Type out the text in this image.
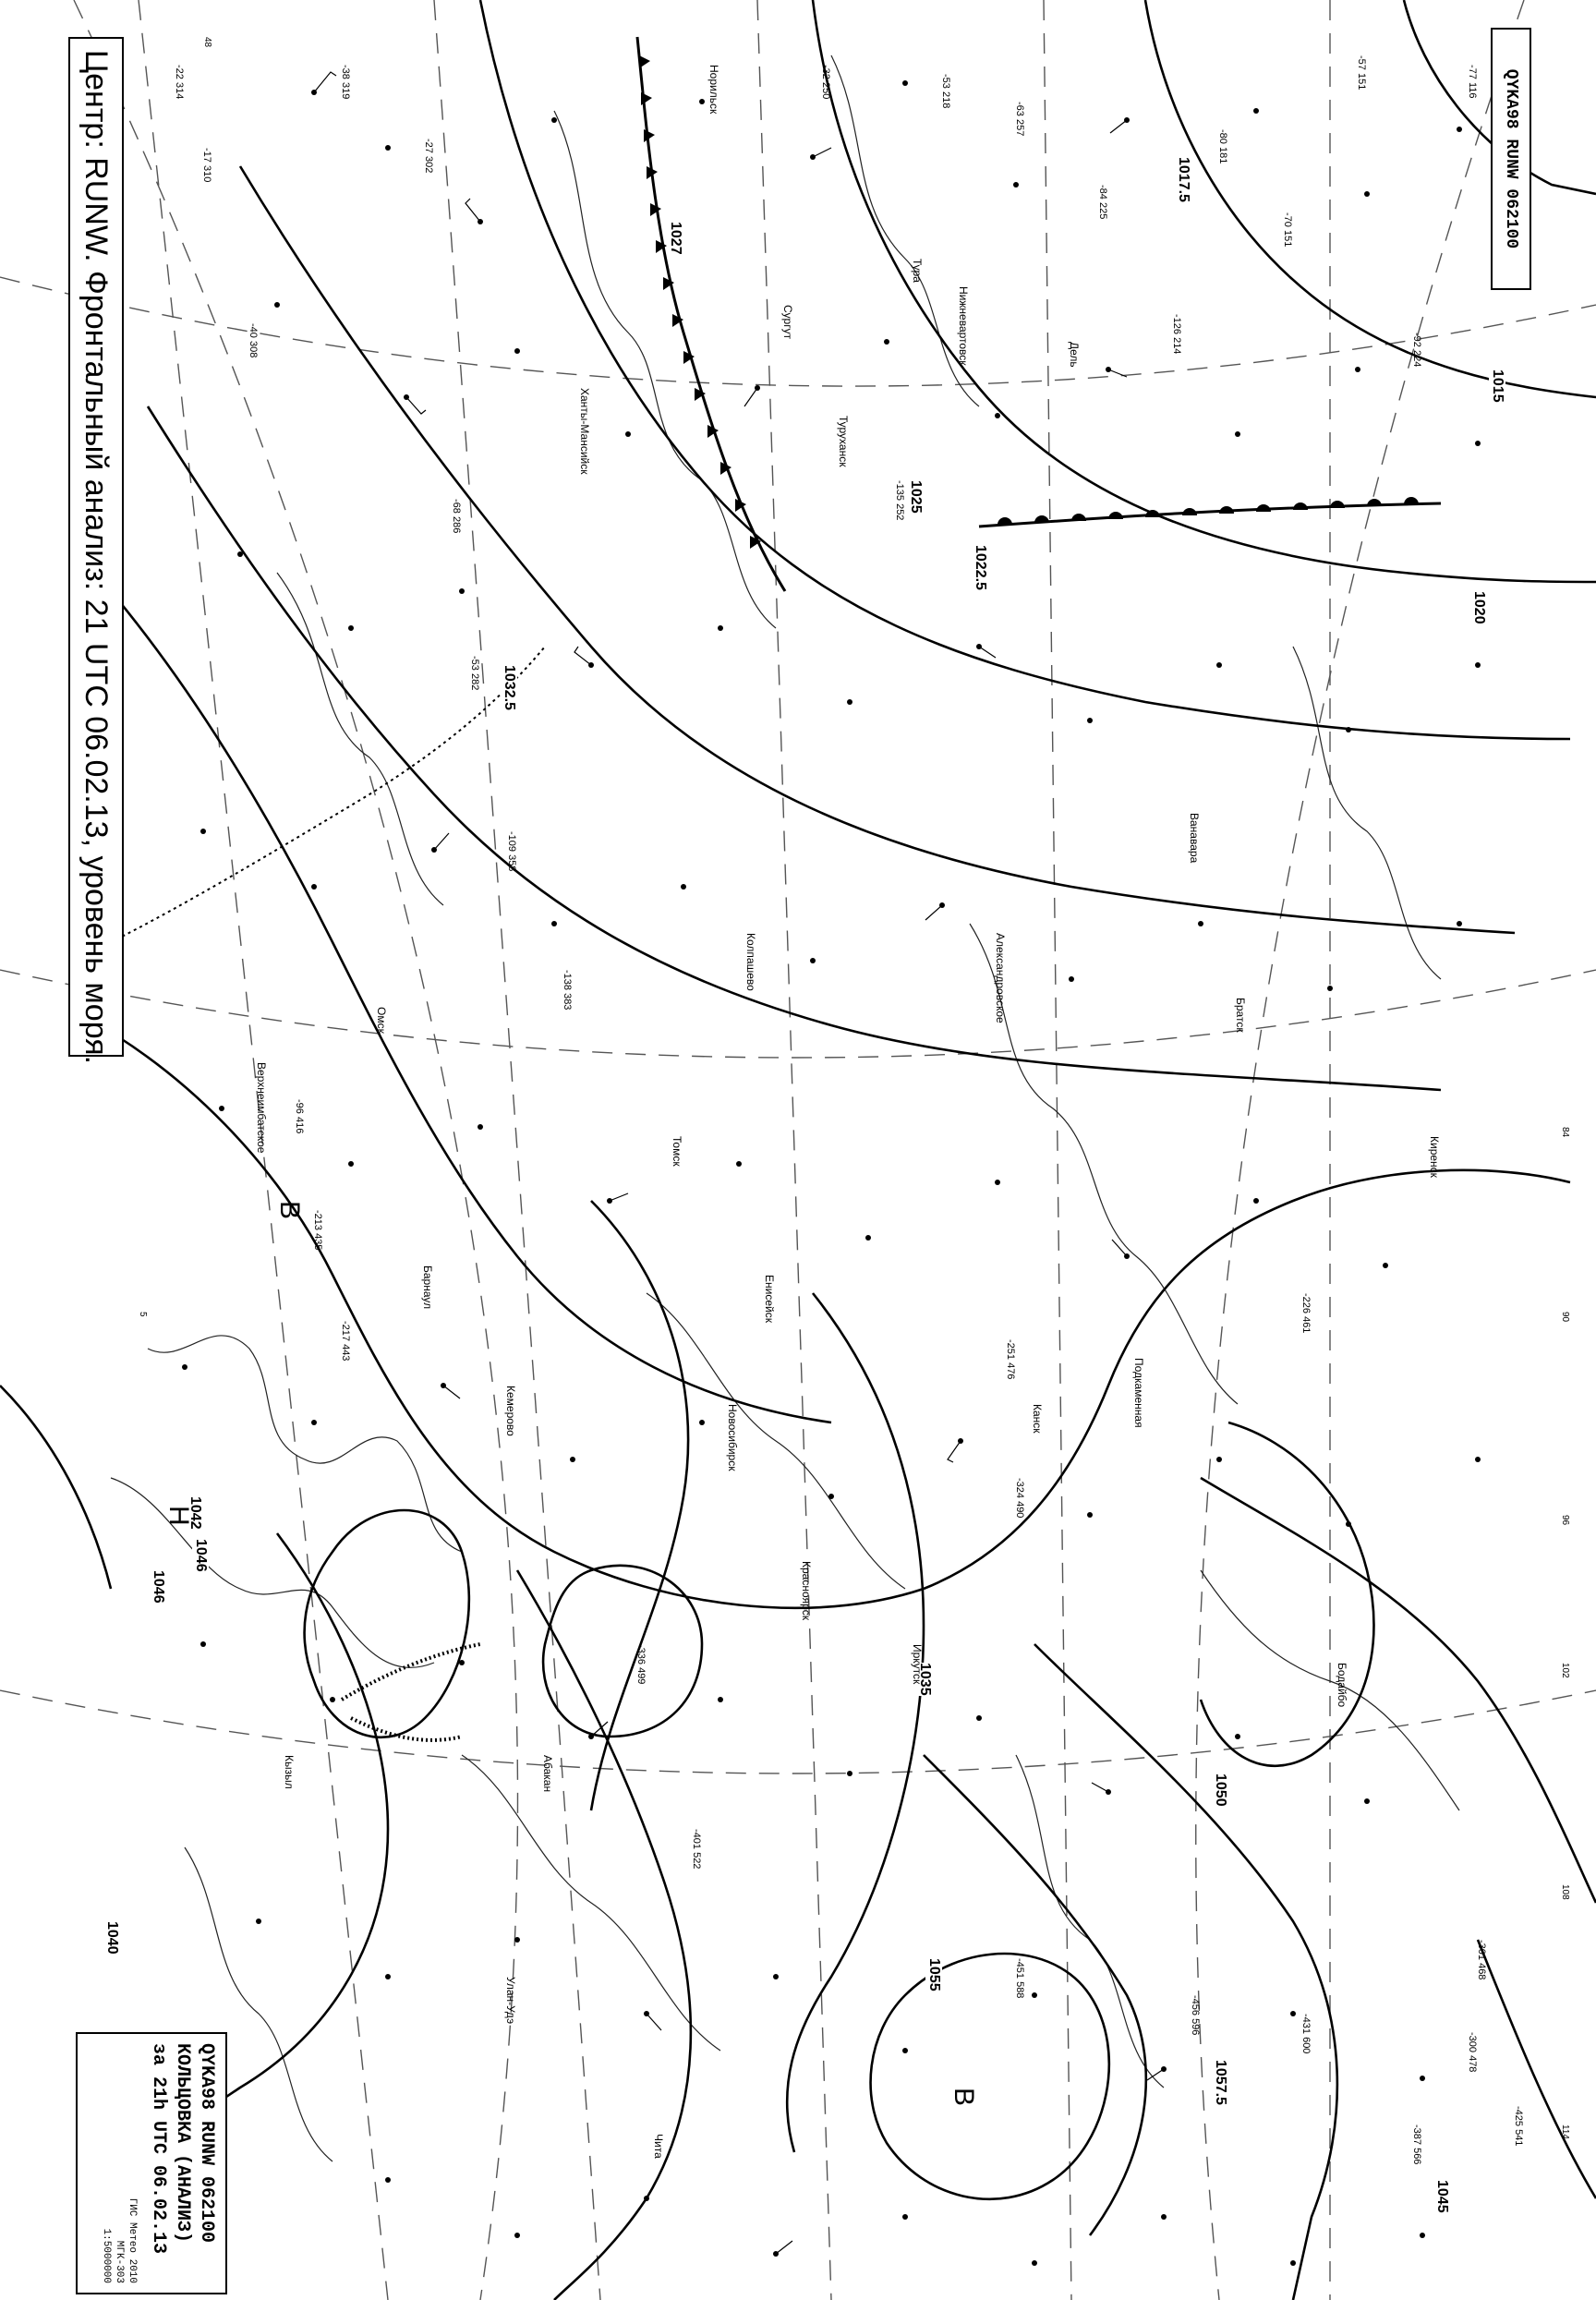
1017.5
1015
1020
1022.5
1027
1025
1032.5
1035
1040
1042
1046
1045
1050
1055
1057.5
H
1046
B
B
Норильск
Тура
Дель
Туруханск
Александровское
Верхнеимбатское
Новосибирск
Барнаул
Кемерово
Абакан
Кызыл
Иркутск
Ванавара
Подкаменная
Братск
Киренск
Бодайбо
Чита
Улан-Удэ
Енисейск
Красноярск
Канск
Томск
Омск
Колпашево
Ханты-Мансийск
Сургут	Нижневартовск
-22 314
-17 310
-40 308
-38 319
-27 302
-57 151	-77 116
-53 218
-32 250
-63 257
-84 225
-80 181
-70 151
-92 224
-135 252
-126 214
-68 286
-53 282
-109 358
-138 383
-96 416
-213 435
-217 443
-226 461
-251 476
-324 490
-336 499
-401 522
-451 588
-456 596	-431 600
-387 566	-425 541
-301 468
-300 478
84
90
96
102
108
114
48
5
Центр: RUNW. Фронтальный анализ: 21 UTC 06.02.13, уровень моря.	QYKA98 RUNW 062100
QYKA98 RUNW 062100
КОЛЬЦОВКА (АНАЛИЗ)
за 21h UTC 06.02.13
ГИС Метео 2010
МГК-303
1:5000000
